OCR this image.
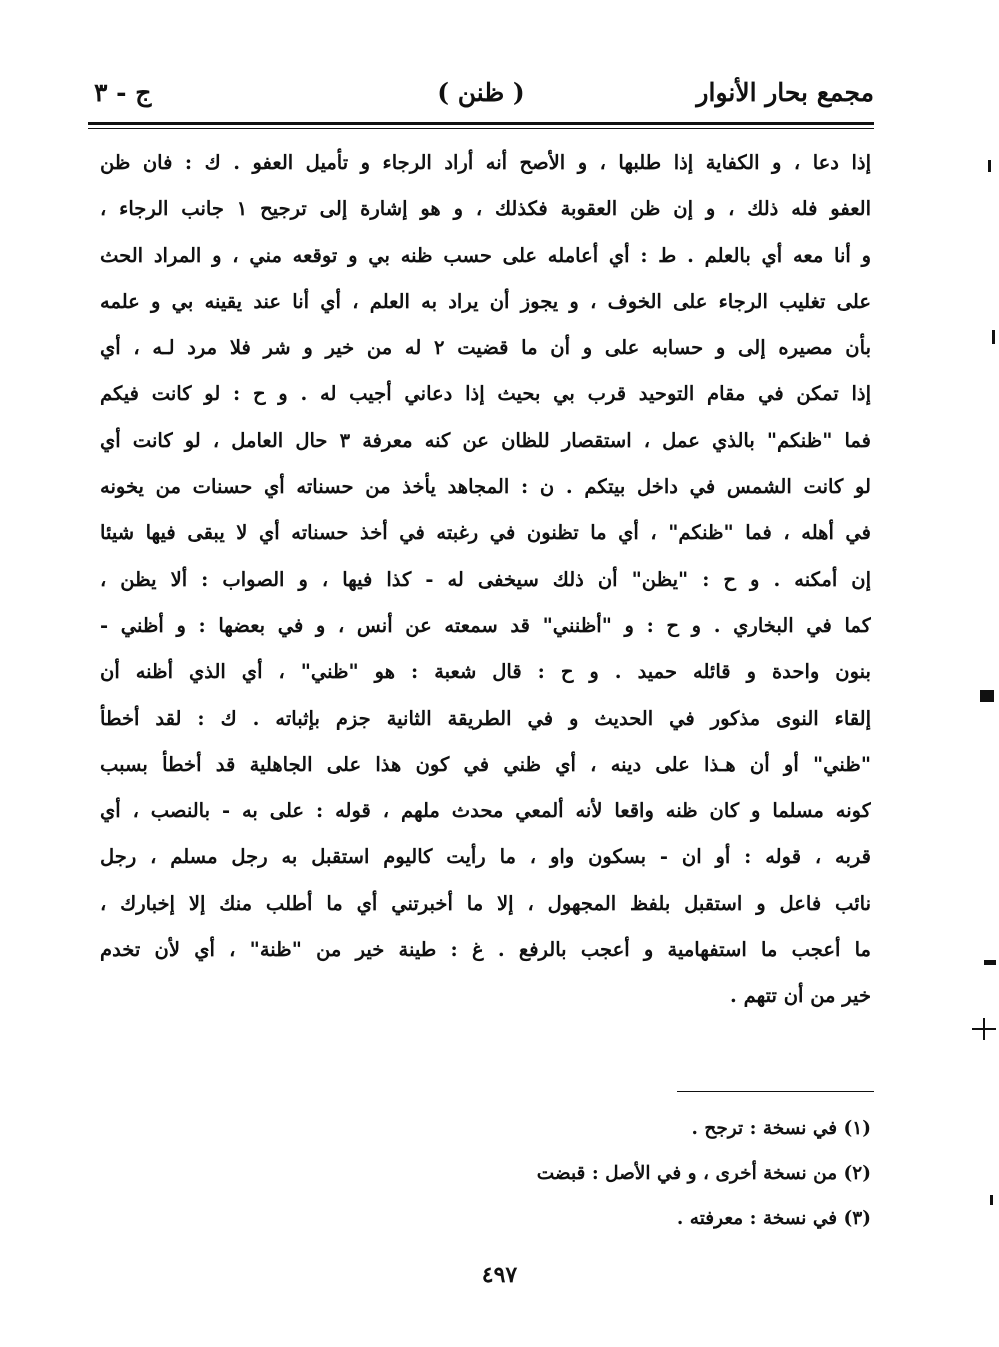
مجمع بحار الأنوار
( ظنن )
ج - ۳
إذا دعا ، و الكفاية إذا طلبها ، و الأصح أنه أراد الرجاء و تأميل العفو . ك : فان ظن
العفو فله ذلك ، و إن ظن العقوبة فكذلك ، و هو إشارة إلى ترجيح ۱ جانب الرجاء ،
و أنا معه أي بالعلم . ط : أي أعامله على حسب ظنه بي و توقعه مني ، و المراد الحث
على تغليب الرجاء على الخوف ، و يجوز أن يراد به العلم ، أي أنا عند يقينه بي و علمه
بأن مصيره إلى و حسابه على و أن ما قضيت ۲ له من خير و شر فلا مرد لـه ، أي
إذا تمكن في مقام التوحيد قرب بي بحيث إذا دعاني أجيب له . و ح : لو كانت فيكم
فما "ظنكم" بالذي عمل ، استقصار للظان عن كنه معرفة ۳ حال العامل ، لو كانت أي
لو كانت الشمس في داخل بيتكم . ن : المجاهد يأخذ من حسناته أي حسنات من يخونه
في أهله ، فما "ظنكم" ، أي ما تظنون في رغبته في أخذ حسناته أي لا يبقى فيها شيئا
إن أمكنه . و ح : "يظن" أن ذلك سيخفى له - كذا فيها ، و الصواب : ألا يظن ،
كما في البخاري . و ح : و "أظنني" قد سمعته عن أنس ، و في بعضها : و أظني -
بنون واحدة و قائله حميد . و ح : قال شعبة : هو "ظني" ، أي الذي أظنه أن
إلقاء النوى مذكور في الحديث و في الطريقة الثانية جزم بإثباته . ك : لقد أخطأ
"ظني" أو أن هـذا على دينه ، أي ظني في كون هذا على الجاهلية قد أخطأ بسبب
كونه مسلما و كان ظنه واقعا لأنه ألمعي محدث ملهم ، قوله : على به - بالنصب ، أي
قربه ، قوله : أو ان - بسكون واو ، ما رأيت كاليوم استقبل به رجل مسلم ، رجل
نائب فاعل و استقبل بلفظ المجهول ، إلا ما أخبرتني أي ما أطلب منك إلا إخبارك ،
ما أعجب ما استفهامية و أعجب بالرفع . غ : طينة خير من "ظنة" ، أي لأن تخدم
خير من أن تتهم .
(۱) في نسخة : ترجح .
(۲) من نسخة أخرى ، و في الأصل : قبضت
(۳) في نسخة : معرفته .
٤٩٧
